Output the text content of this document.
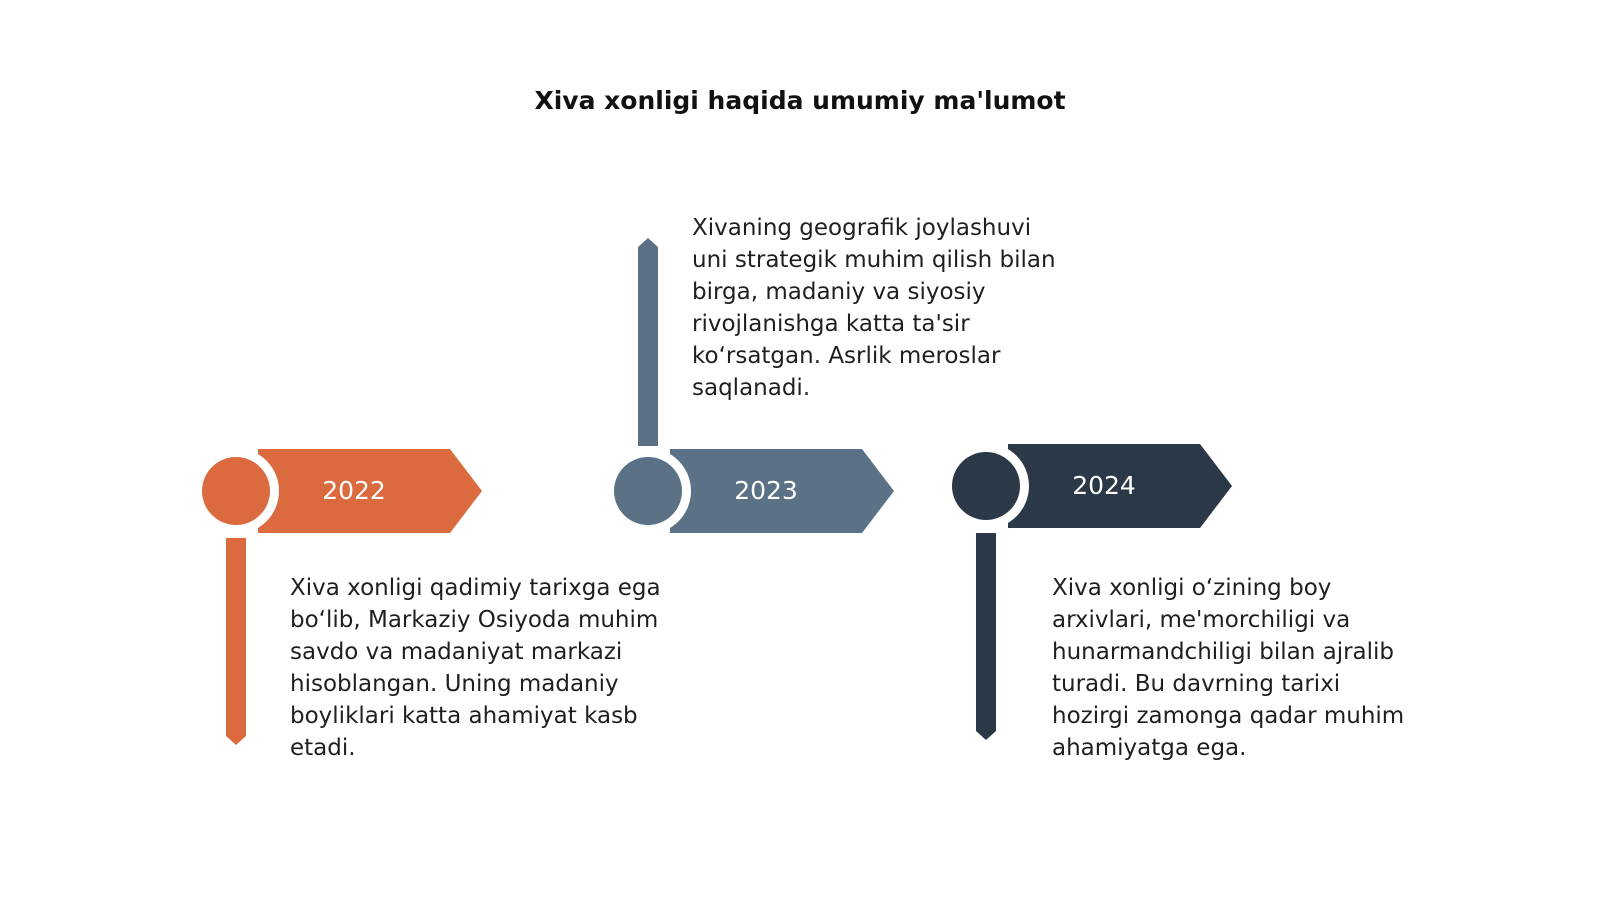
Xiva xonligi haqida umumiy ma'lumot
2022	2023	2024

Xiva xonligi qadimiy tarixga ega bo‘lib, Markaziy Osiyoda muhim savdo va madaniyat markazi hisoblangan. Uning madaniy boyliklari katta ahamiyat kasb etadi.

Xivaning geografik joylashuvi uni strategik muhim qilish bilan birga, madaniy va siyosiy rivojlanishga katta ta'sir ko‘rsatgan. Asrlik meroslar saqlanadi.

Xiva xonligi o‘zining boy arxivlari, me'morchiligi va hunarmandchiligi bilan ajralib turadi. Bu davrning tarixi hozirgi zamonga qadar muhim ahamiyatga ega.
